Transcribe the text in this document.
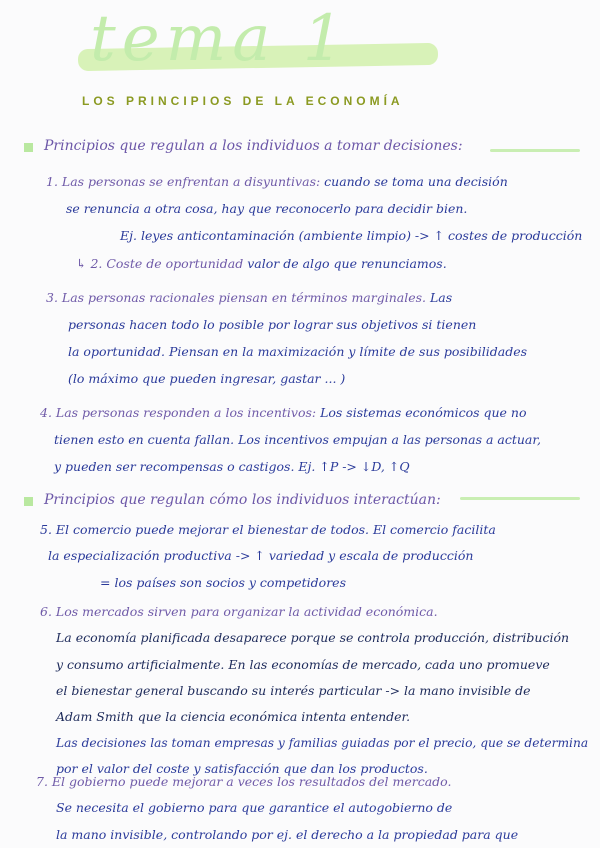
tema 1
LOS PRINCIPIOS DE LA ECONOMÍA
Principios que regulan a los individuos a tomar decisiones:
1. Las personas se enfrentan a disyuntivas: cuando se toma una decisión
se renuncia a otra cosa, hay que reconocerlo para decidir bien.
Ej. leyes anticontaminación (ambiente limpio) -> ↑ costes de producción
↳ 2. Coste de oportunidad valor de algo que renunciamos.
3. Las personas racionales piensan en términos marginales. Las
personas hacen todo lo posible por lograr sus objetivos si tienen
la oportunidad. Piensan en la maximización y límite de sus posibilidades
(lo máximo que pueden ingresar, gastar ... )
4. Las personas responden a los incentivos: Los sistemas económicos que no
tienen esto en cuenta fallan. Los incentivos empujan a las personas a actuar,
y pueden ser recompensas o castigos. Ej. ↑P -> ↓D, ↑Q
Principios que regulan cómo los individuos interactúan:
5. El comercio puede mejorar el bienestar de todos. El comercio facilita
la especialización productiva -> ↑ variedad y escala de producción
= los países son socios y competidores
6. Los mercados sirven para organizar la actividad económica.
La economía planificada desaparece porque se controla producción, distribución
y consumo artificialmente. En las economías de mercado, cada uno promueve
el bienestar general buscando su interés particular -> la mano invisible de
Adam Smith que la ciencia económica intenta entender.
Las decisiones las toman empresas y familias guiadas por el precio, que se determina
por el valor del coste y satisfacción que dan los productos.
7. El gobierno puede mejorar a veces los resultados del mercado.
Se necesita el gobierno para que garantice el autogobierno de
la mano invisible, controlando por ej. el derecho a la propiedad para que
